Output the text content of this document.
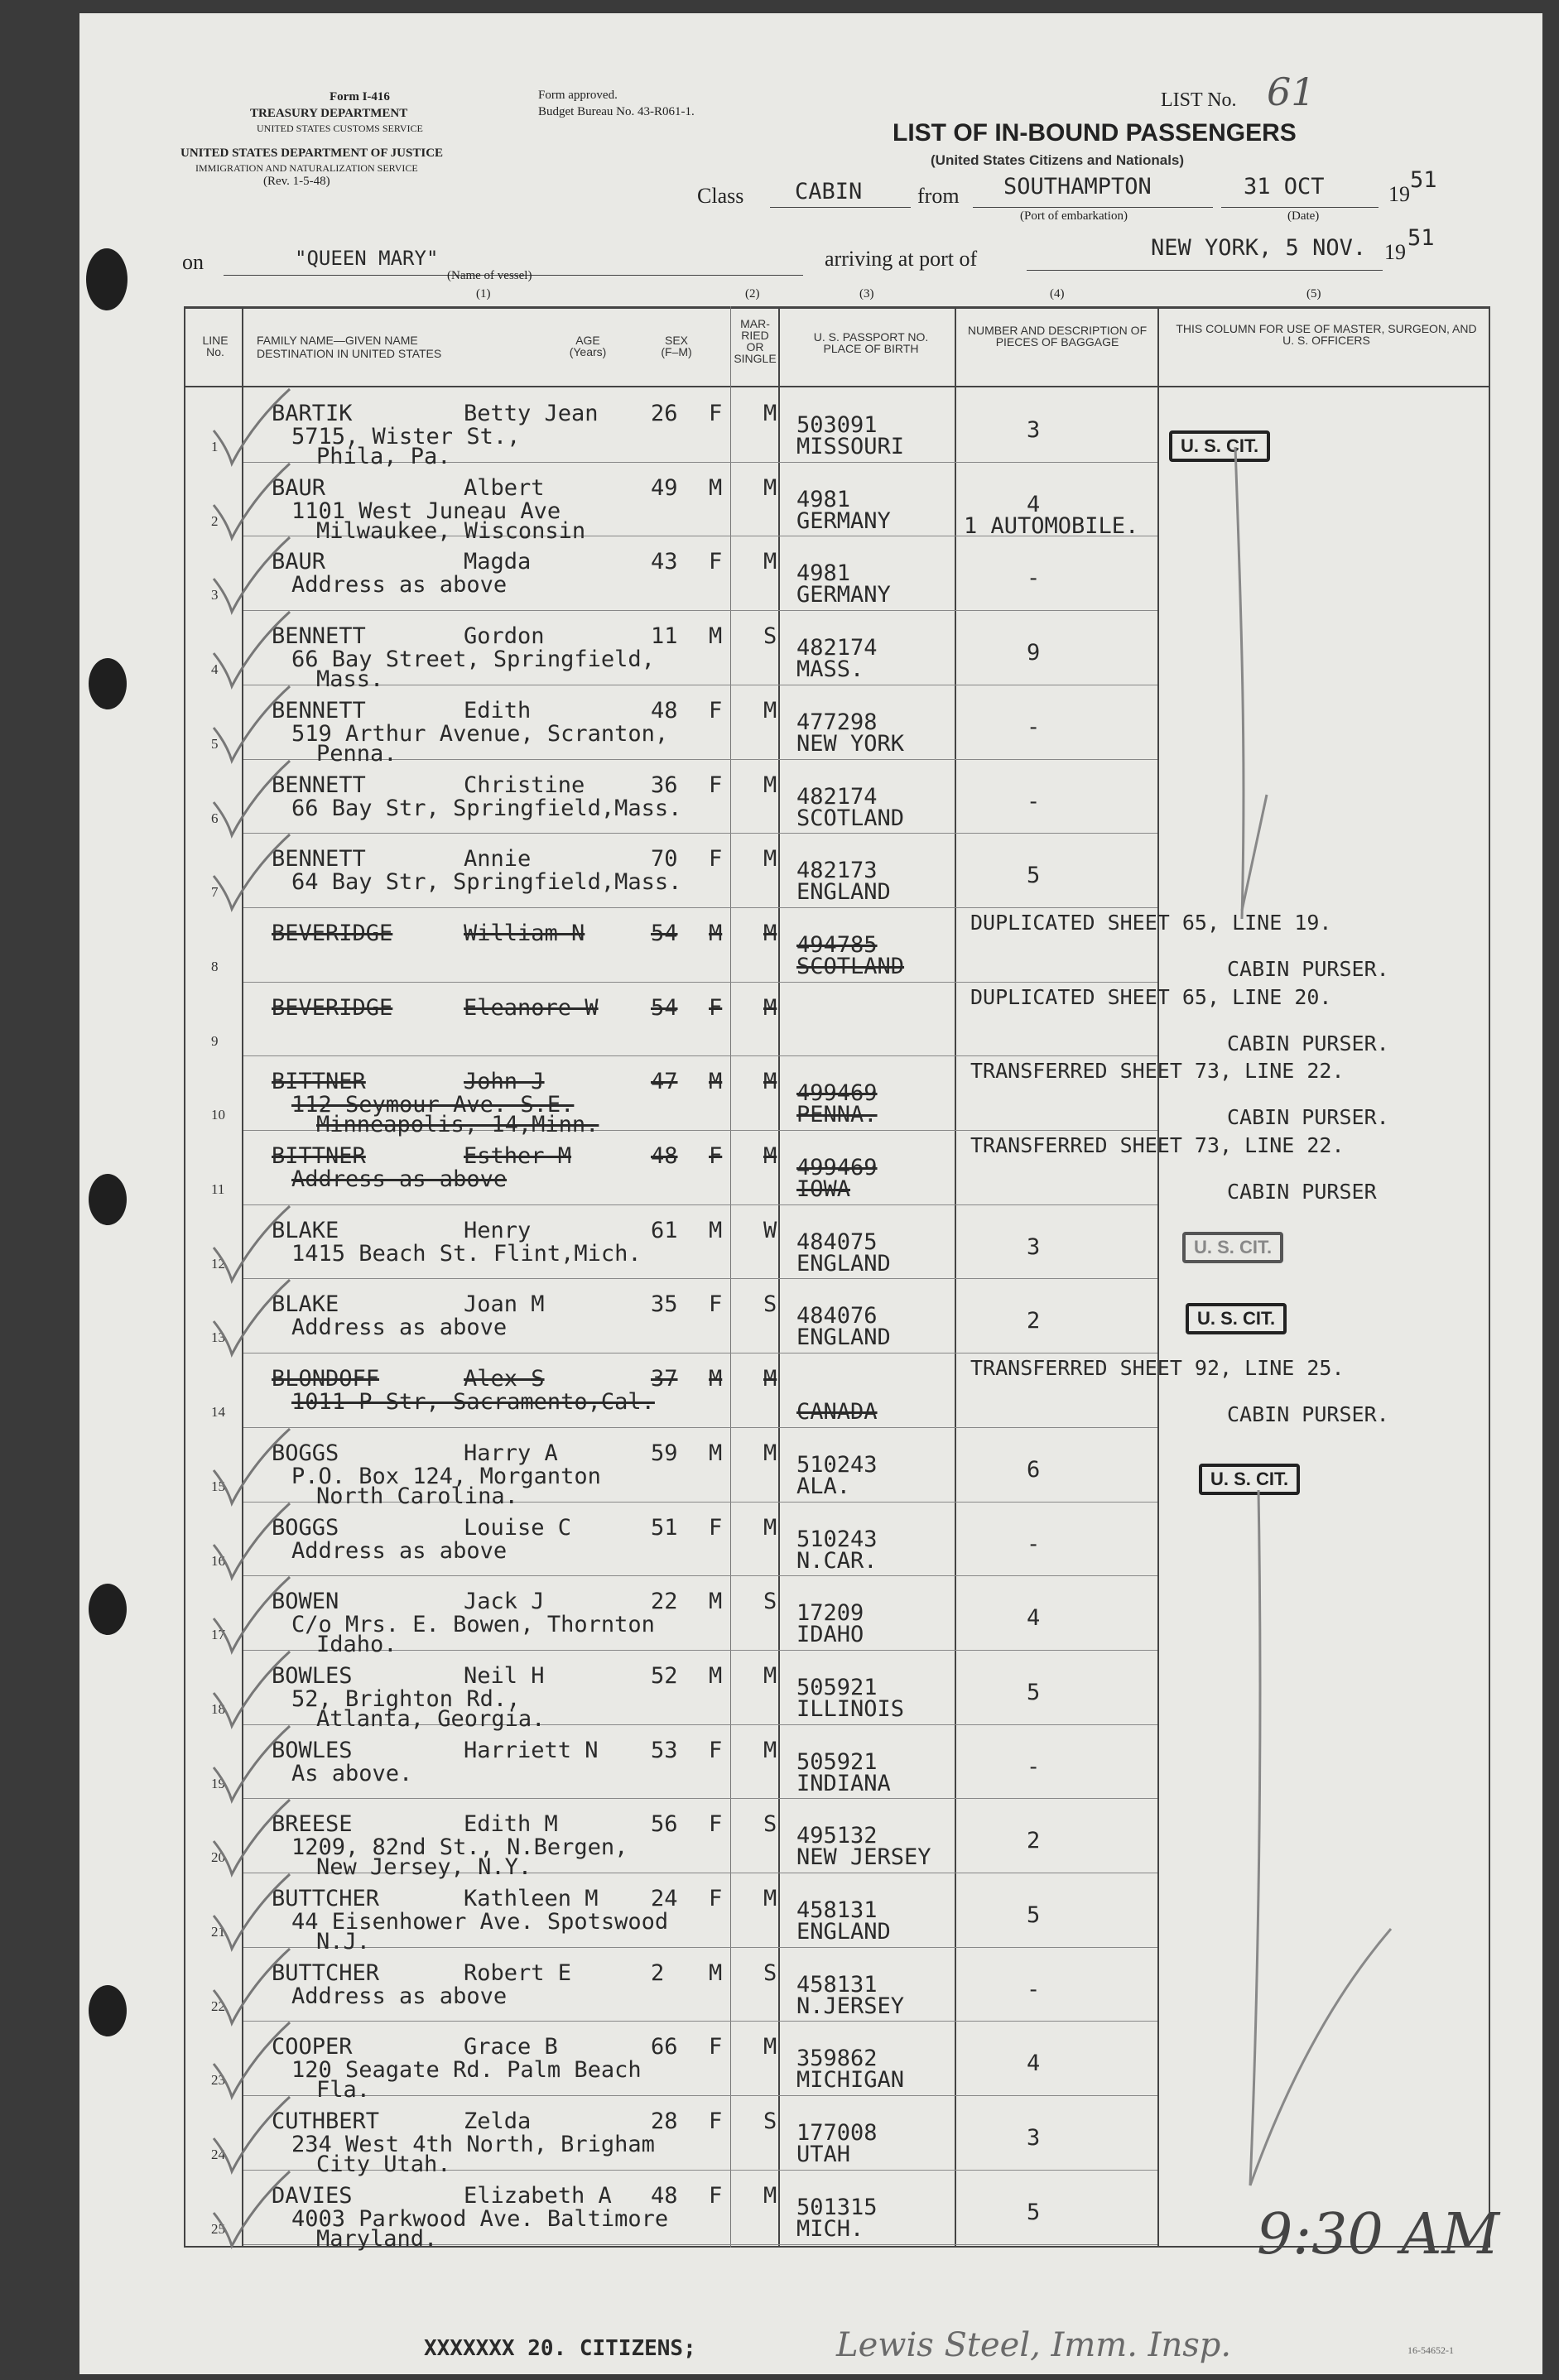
Form I-416
TREASURY DEPARTMENT
UNITED STATES CUSTOMS SERVICE
Form approved.
Budget Bureau No. 43-R061-1.
UNITED STATES DEPARTMENT OF JUSTICE
IMMIGRATION AND NATURALIZATION SERVICE
(Rev. 1-5-48)
LIST No. 61
LIST OF IN-BOUND PASSENGERS
(United States Citizens and Nationals)
Class CABIN	from SOUTHAMPTON
(Port of embarkation)
31 OCT
(Date)
19
51
on	"QUEEN MARY"
(Name of vessel)
arriving at port of	NEW YORK, 5 NOV. 19
51
(1)	(2)	(3)	(4)	(5)
LINE No.
FAMILY NAME—GIVEN NAME
DESTINATION IN UNITED STATES
AGE (Years)
SEX (F–M)
MAR- RIED OR SINGLE
U. S. PASSPORT NO. PLACE OF BIRTH
NUMBER AND DESCRIPTION OF PIECES OF BAGGAGE
THIS COLUMN FOR USE OF MASTER, SURGEON, AND U. S. OFFICERS
1
BARTIK	Betty Jean 26 F M
5715, Wister St.,
Phila, Pa.
503091
MISSOURI
3
2
BAUR	Albert	49 M M
1101 West Juneau Ave
Milwaukee, Wisconsin
4981
GERMANY
4
1 AUTOMOBILE.
3
BAUR	Magda	43 F M
Address as above	4981
GERMANY
-
4
BENNETT	Gordon	11 M S
66 Bay Street, Springfield,
Mass.
482174
MASS.
9
5
BENNETT	Edith	48 F M
519 Arthur Avenue, Scranton,
Penna.
477298
NEW YORK
-
6
BENNETT	Christine	36 F M
66 Bay Str, Springfield,Mass.	482174
SCOTLAND
-
7
BENNETT	Annie	70 F M
64 Bay Str, Springfield,Mass.	482173
ENGLAND
5
8
BEVERIDGE	William N	54 M M 494785
SCOTLAND
DUPLICATED SHEET 65, LINE 19.
CABIN PURSER.
9
BEVERIDGE	Eleanore W 54 F M	DUPLICATED SHEET 65, LINE 20.
CABIN PURSER.
10
BITTNER	John J	47 M M
112 Seymour Ave. S.E.
Minneapolis, 14,Minn.
499469
PENNA.
TRANSFERRED SHEET 73, LINE 22.
CABIN PURSER.
11
BITTNER	Esther M	48 F M
Address as above	499469
IOWA
TRANSFERRED SHEET 73, LINE 22.
CABIN PURSER
12
BLAKE	Henry	61 M W
1415 Beach St. Flint,Mich.	484075
ENGLAND
3
13
BLAKE	Joan M	35 F S
Address as above	484076
ENGLAND
2
14
BLONDOFF	Alex S	37 M M
1011 P Str, Sacramento,Cal.	CANADA
TRANSFERRED SHEET 92, LINE 25.
CABIN PURSER.
15
BOGGS	Harry A	59 M M
P.O. Box 124, Morganton
North Carolina.
510243
ALA.
6
16
BOGGS	Louise C	51 F M
Address as above	510243
N.CAR.
-
17
BOWEN	Jack J	22 M S
C/o Mrs. E. Bowen, Thornton
Idaho.
17209
IDAHO
4
18
BOWLES	Neil H	52 M M
52, Brighton Rd.,
Atlanta, Georgia.
505921
ILLINOIS
5
19
BOWLES	Harriett N 53 F M
As above.	505921
INDIANA
-
20
BREESE	Edith M	56 F S
1209, 82nd St., N.Bergen,
New Jersey, N.Y.
495132
NEW JERSEY
2
21
BUTTCHER	Kathleen M 24 F M
44 Eisenhower Ave. Spotswood
N.J.
458131
ENGLAND
5
22
BUTTCHER	Robert E	2 M S
Address as above	458131
N.JERSEY
-
23
COOPER	Grace B	66 F M
120 Seagate Rd. Palm Beach
Fla.
359862
MICHIGAN
4
24
CUTHBERT	Zelda	28 F S
234 West 4th North, Brigham
City Utah.
177008
UTAH
3
25
DAVIES	Elizabeth A 48 F M
4003 Parkwood Ave. Baltimore
Maryland.
501315
MICH.
5
U. S. CIT.
U. S. CIT.
U. S. CIT.
U. S. CIT.
XXXXXXX 20. CITIZENS;	Lewis Steel, Imm. Insp.
9:30 AM
16-54652-1
